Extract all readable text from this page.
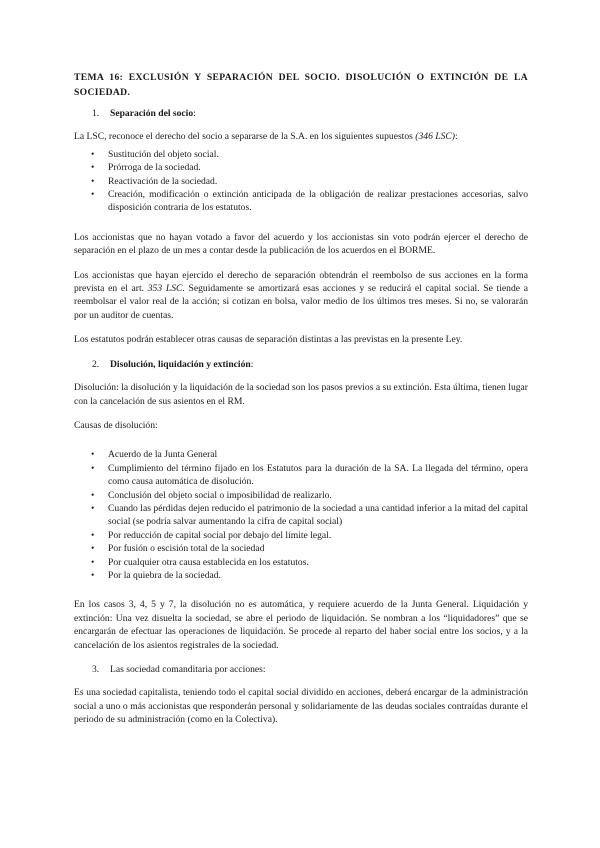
TEMA 16: EXCLUSIÓN Y SEPARACIÓN DEL SOCIO. DISOLUCIÓN O EXTINCIÓN DE LA SOCIEDAD.
1. Separación del socio:

La LSC, reconoce el derecho del socio a separarse de la S.A. en los siguientes supuestos (346 LSC):

• Sustitución del objeto social.
• Prórroga de la sociedad.
• Reactivación de la sociedad.
• Creación, modificación o extinción anticipada de la obligación de realizar prestaciones accesorias, salvo disposición contraria de los estatutos.

Los accionistas que no hayan votado a favor del acuerdo y los accionistas sin voto podrán ejercer el derecho de separación en el plazo de un mes a contar desde la publicación de los acuerdos en el BORME.

Los accionistas que hayan ejercido el derecho de separación obtendrán el reembolso de sus acciones en la forma prevista en el art. 353 LSC. Seguidamente se amortizará esas acciones y se reducirá el capital social. Se tiende a reembolsar el valor real de la acción; si cotizan en bolsa, valor medio de los últimos tres meses. Si no, se valorarán por un auditor de cuentas.

Los estatutos podrán establecer otras causas de separación distintas a las previstas en la presente Ley.

2. Disolución, liquidación y extinción:

Disolución: la disolución y la liquidación de la sociedad son los pasos previos a su extinción. Esta última, tienen lugar con la cancelación de sus asientos en el RM.

Causas de disolución:

• Acuerdo de la Junta General
• Cumplimiento del término fijado en los Estatutos para la duración de la SA. La llegada del término, opera como causa automática de disolución.
• Conclusión del objeto social o imposibilidad de realizarlo.
• Cuando las pérdidas dejen reducido el patrimonio de la sociedad a una cantidad inferior a la mitad del capital social (se podría salvar aumentando la cifra de capital social)
• Por reducción de capital social por debajo del límite legal.
• Por fusión o escisión total de la sociedad
• Por cualquier otra causa establecida en los estatutos.
• Por la quiebra de la sociedad.

En los casos 3, 4, 5 y 7, la disolución no es automática, y requiere acuerdo de la Junta General. Liquidación y extinción: Una vez disuelta la sociedad, se abre el periodo de liquidación. Se nombran a los “liquidadores” que se encargarán de efectuar las operaciones de liquidación. Se procede al reparto del haber social entre los socios, y a la cancelación de los asientos registrales de la sociedad.

3. Las sociedad comanditaria por acciones:

Es una sociedad capitalista, teniendo todo el capital social dividido en acciones, deberá encargar de la administración social a uno o más accionistas que responderán personal y solidariamente de las deudas sociales contraídas durante el periodo de su administración (como en la Colectiva).
